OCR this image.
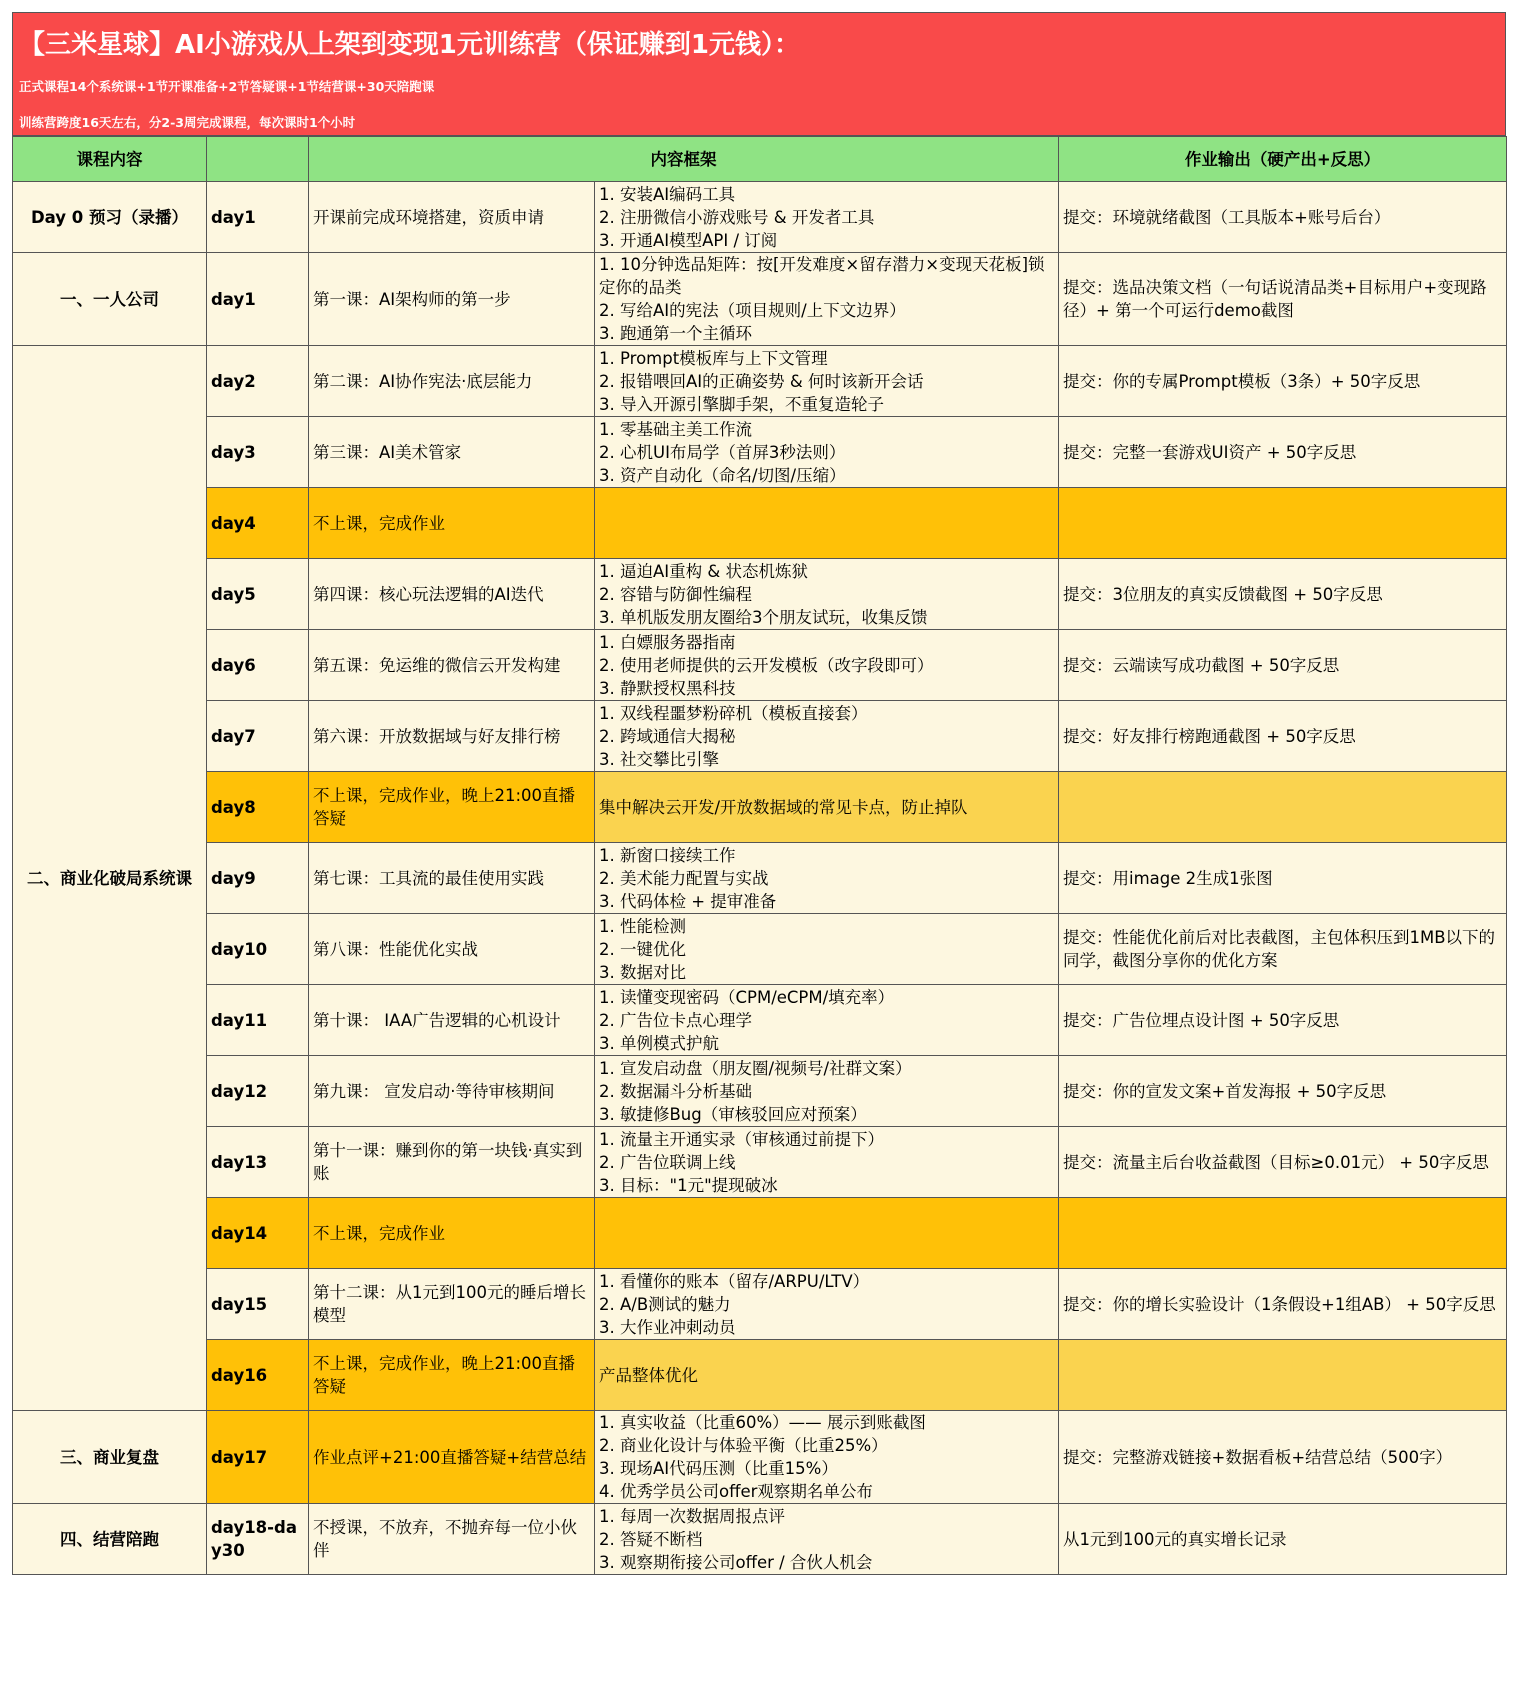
【三米星球】AI小游戏从上架到变现1元训练营（保证赚到1元钱）：
正式课程14个系统课+1节开课准备+2节答疑课+1节结营课+30天陪跑课
训练营跨度16天左右，分2-3周完成课程，每次课时1个小时
课程内容		内容框架		作业输出（硬产出+反思）
Day 0 预习（录播）	day1	开课前完成环境搭建，资质申请	1. 安装AI编码工具
2. 注册微信小游戏账号 & 开发者工具
3. 开通AI模型API / 订阅	提交：环境就绪截图（工具版本+账号后台）
一、一人公司	day1	第一课：AI架构师的第一步	1. 10分钟选品矩阵：按[开发难度×留存潜力×变现天花板]锁定你的品类
2. 写给AI的宪法（项目规则/上下文边界）
3. 跑通第一个主循环	提交：选品决策文档（一句话说清品类+目标用户+变现路径）+ 第一个可运行demo截图
二、商业化破局系统课	day2	第二课：AI协作宪法·底层能力	1. Prompt模板库与上下文管理
2. 报错喂回AI的正确姿势 & 何时该新开会话
3. 导入开源引擎脚手架，不重复造轮子	提交：你的专属Prompt模板（3条）+ 50字反思
	day3	第三课：AI美术管家	1. 零基础主美工作流
2. 心机UI布局学（首屏3秒法则）
3. 资产自动化（命名/切图/压缩）	提交：完整一套游戏UI资产 + 50字反思
	day4	不上课，完成作业		
	day5	第四课：核心玩法逻辑的AI迭代	1. 逼迫AI重构 & 状态机炼狱
2. 容错与防御性编程
3. 单机版发朋友圈给3个朋友试玩，收集反馈	提交：3位朋友的真实反馈截图 + 50字反思
	day6	第五课：免运维的微信云开发构建	1. 白嫖服务器指南
2. 使用老师提供的云开发模板（改字段即可）
3. 静默授权黑科技	提交：云端读写成功截图 + 50字反思
	day7	第六课：开放数据域与好友排行榜	1. 双线程噩梦粉碎机（模板直接套）
2. 跨域通信大揭秘
3. 社交攀比引擎	提交：好友排行榜跑通截图 + 50字反思
	day8	不上课，完成作业，晚上21:00直播答疑	集中解决云开发/开放数据域的常见卡点，防止掉队	

	day9	第七课：工具流的最佳使用实践	1. 新窗口接续工作
2. 美术能力配置与实战
3. 代码体检 + 提审准备	提交：用image 2生成1张图
	day10	第八课：性能优化实战	1. 性能检测
2. 一键优化
3. 数据对比	提交：性能优化前后对比表截图，主包体积压到1MB以下的同学，截图分享你的优化方案
	day11	第十课： IAA广告逻辑的心机设计	1. 读懂变现密码（CPM/eCPM/填充率）
2. 广告位卡点心理学
3. 单例模式护航	提交：广告位埋点设计图 + 50字反思
	day12	第九课： 宣发启动·等待审核期间	1. 宣发启动盘（朋友圈/视频号/社群文案）
2. 数据漏斗分析基础
3. 敏捷修Bug（审核驳回应对预案）	提交：你的宣发文案+首发海报 + 50字反思
	day13	第十一课：赚到你的第一块钱·真实到账	1. 流量主开通实录（审核通过前提下）
2. 广告位联调上线
3. 目标："1元"提现破冰	提交：流量主后台收益截图（目标≥0.01元） + 50字反思
	day14	不上课，完成作业		
	day15	第十二课：从1元到100元的睡后增长模型	1. 看懂你的账本（留存/ARPU/LTV）
2. A/B测试的魅力
3. 大作业冲刺动员	提交：你的增长实验设计（1条假设+1组AB） + 50字反思
	day16	不上课，完成作业，晚上21:00直播答疑	产品整体优化	

三、商业复盘	day17	作业点评+21:00直播答疑+结营总结	1. 真实收益（比重60%）—— 展示到账截图
2. 商业化设计与体验平衡（比重25%）
3. 现场AI代码压测（比重15%）
4. 优秀学员公司offer观察期名单公布	提交：完整游戏链接+数据看板+结营总结（500字）
四、结营陪跑	day18-day30	不授课，不放弃，不抛弃每一位小伙伴	1. 每周一次数据周报点评
2. 答疑不断档
3. 观察期衔接公司offer / 合伙人机会	从1元到100元的真实增长记录
